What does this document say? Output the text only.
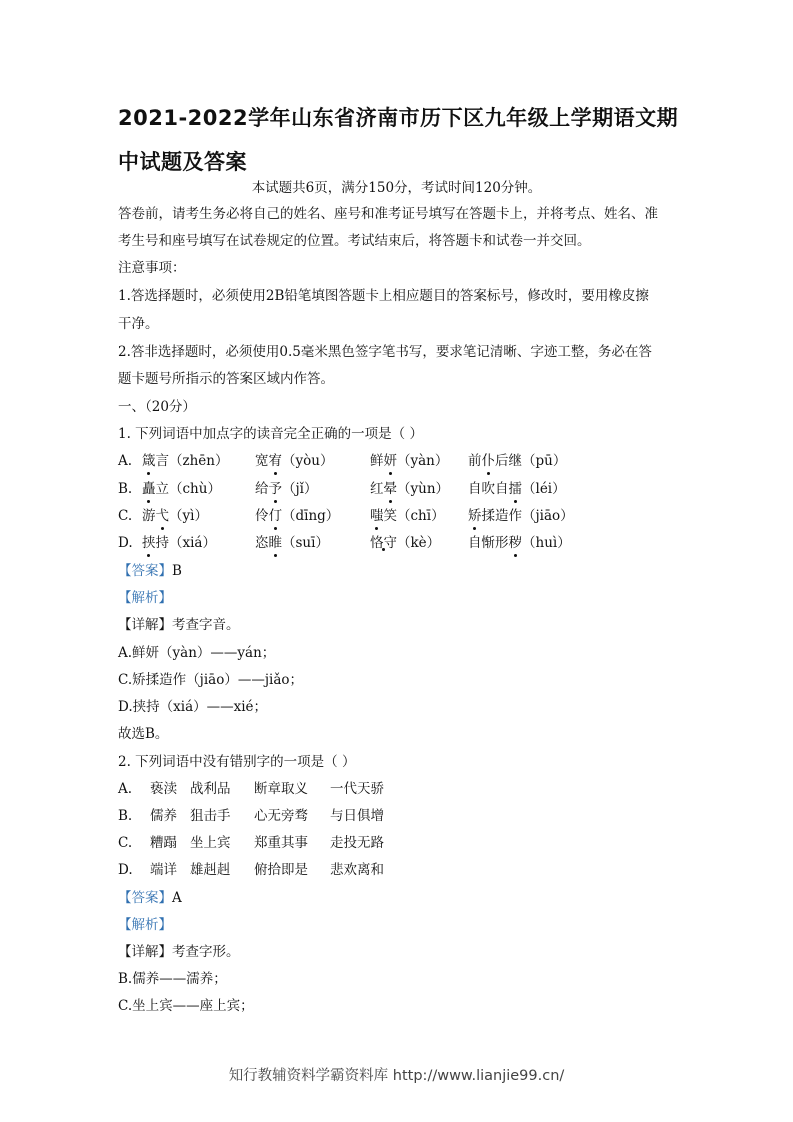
2021-2022学年山东省济南市历下区九年级上学期语文期中试题及答案
本试题共6页，满分150分，考试时间120分钟。
答卷前，请考生务必将自己的姓名、座号和准考证号填写在答题卡上，并将考点、姓名、准
考生号和座号填写在试卷规定的位置。考试结束后，将答题卡和试卷一并交回。
注意事项：
1.答选择题时，必须使用2B铅笔填图答题卡上相应题目的答案标号，修改时，要用橡皮擦
干净。
2.答非选择题时，必须使用0.5毫米黑色签字笔书写，要求笔记清晰、字迹工整，务必在答
题卡题号所指示的答案区域内作答。
一、（20分）
1. 下列词语中加点字的读音完全正确的一项是（ ）
A. 箴言（zhēn） 宽宥（yòu）	鲜妍（yàn） 前仆后继（pū）
B. 矗立（chù）	给予（jǐ）	红晕（yùn） 自吹自擂（léi）
C. 游弋（yì）	伶仃（dīng） 嗤笑（chī） 矫揉造作（jiāo）
D. 挟持（xiá）	恣睢（suī）	恪守（kè） 自惭形秽（huì）
【答案】B
【解析】
【详解】考查字音。
A.鲜妍（yàn）——yán；
C.矫揉造作（jiāo）——jiǎo；
D.挟持（xiá）——xié；
故选B。
2. 下列词语中没有错别字的一项是（ ）
A. 亵渎 战利品 断章取义 一代天骄
B. 儒养 狙击手 心无旁骛 与日俱增
C. 糟蹋 坐上宾 郑重其事 走投无路
D. 端详 雄赳赳 俯拾即是 悲欢离和
【答案】A
【解析】
【详解】考查字形。
B.儒养——濡养；
C.坐上宾——座上宾；
知行教辅资料学霸资料库 http://www.lianjie99.cn/
